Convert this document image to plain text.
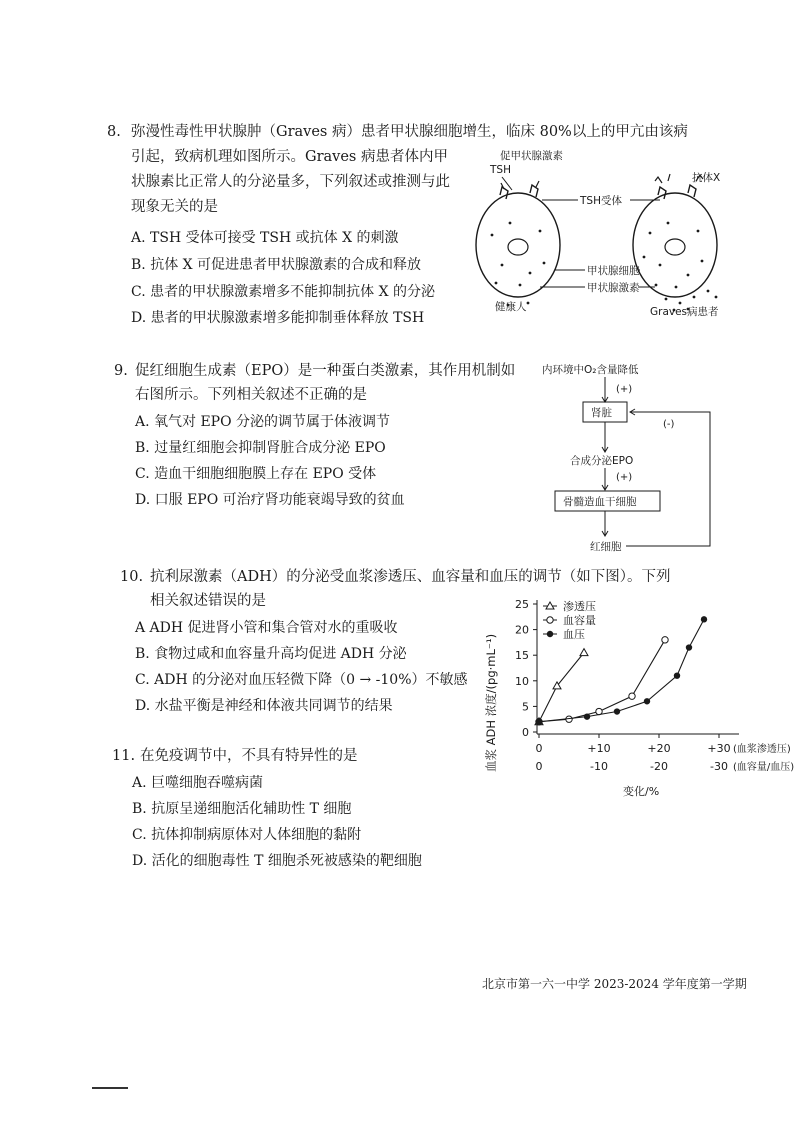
8. 弥漫性毒性甲状腺肿（Graves 病）患者甲状腺细胞增生，临床 80%以上的甲亢由该病
引起，致病机理如图所示。Graves 病患者体内甲
状腺素比正常人的分泌量多，下列叙述或推测与此
现象无关的是
A. TSH 受体可接受 TSH 或抗体 X 的刺激
B. 抗体 X 可促进患者甲状腺激素的合成和释放
C. 患者的甲状腺激素增多不能抑制抗体 X 的分泌
D. 患者的甲状腺激素增多能抑制垂体释放 TSH
促甲状腺激素
TSH
健康人
TSH受体
抗体X
Graves病患者
甲状腺细胞
甲状腺激素
9. 促红细胞生成素（EPO）是一种蛋白类激素，其作用机制如
右图所示。下列相关叙述不正确的是
A. 氧气对 EPO 分泌的调节属于体液调节
B. 过量红细胞会抑制肾脏合成分泌 EPO
C. 造血干细胞细胞膜上存在 EPO 受体
D. 口服 EPO 可治疗肾功能衰竭导致的贫血
内环境中O₂含量降低
(+)
肾脏
合成分泌EPO
(+)
骨髓造血干细胞
红细胞
(-)
10. 抗利尿激素（ADH）的分泌受血浆渗透压、血容量和血压的调节（如下图）。下列
相关叙述错误的是
A ADH 促进肾小管和集合管对水的重吸收
B. 食物过咸和血容量升高均促进 ADH 分泌
C. ADH 的分泌对血压轻微下降（0 → -10%）不敏感
D. 水盐平衡是神经和体液共同调节的结果	血浆 ADH 浓度/(pg·mL⁻¹) 0
5
10
15
20
25
0	+10	+20	+30 (血浆渗透压)
0	-10	-20	-30 (血容量/血压)
渗透压
血容量
血压
变化/%
11. 在免疫调节中，不具有特异性的是
A. 巨噬细胞吞噬病菌
B. 抗原呈递细胞活化辅助性 T 细胞
C. 抗体抑制病原体对人体细胞的黏附
D. 活化的细胞毒性 T 细胞杀死被感染的靶细胞
北京市第一六一中学 2023-2024 学年度第一学期
